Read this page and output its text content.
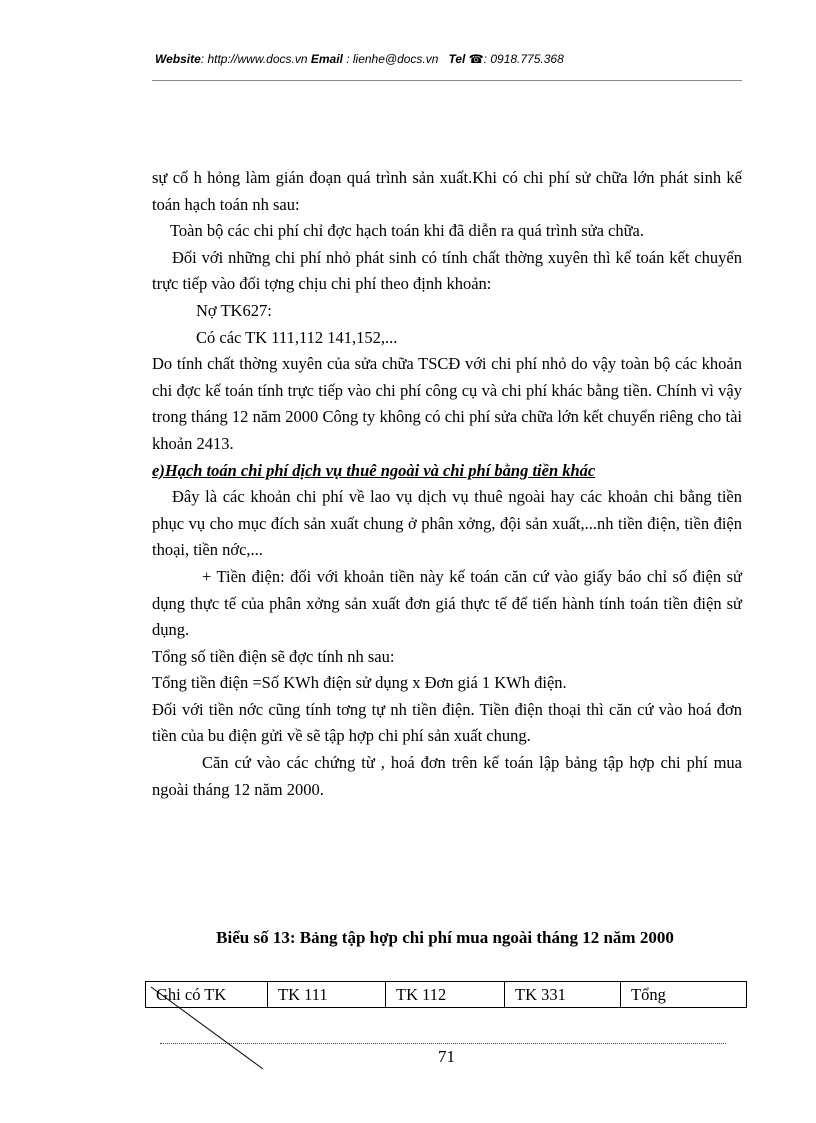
Website: http://www.docs.vn Email : lienhe@docs.vn Tel ☎: 0918.775.368

sự cố h hỏng làm gián đoạn quá trình sản xuất.Khi có chi phí sử chữa lớn phát sinh kế toán hạch toán nh sau:

Toàn bộ các chi phí chỉ đợc hạch toán khi đã diễn ra quá trình sửa chữa.

Đối với những chi phí nhỏ phát sinh có tính chất thờng xuyên thì kế toán kết chuyển trực tiếp vào đối tợng chịu chi phí theo định khoản:

Nợ TK627:

Có các TK 111,112 141,152,...

Do tính chất thờng xuyên của sửa chữa TSCĐ với chi phí nhỏ do vậy toàn bộ các khoản chi đợc kế toán tính trực tiếp vào chi phí công cụ và chi phí khác bằng tiền. Chính vì vậy trong tháng 12 năm 2000 Công ty không có chi phí sửa chữa lớn kết chuyển riêng cho tài khoản 2413.

e)Hạch toán chi phí dịch vụ thuê ngoài và chi phí bằng tiền khác

Đây là các khoản chi phí về lao vụ dịch vụ thuê ngoài hay các khoản chi bằng tiền phục vụ cho mục đích sản xuất chung ở phân xởng, đội sản xuất,...nh tiền điện, tiền điện thoại, tiền nớc,...

+ Tiền điện: đối với khoản tiền này kế toán căn cứ vào giấy báo chỉ số điện sử dụng thực tế của phân xởng sản xuất đơn giá thực tế để tiến hành tính toán tiền điện sử dụng.

Tổng số tiền điện sẽ đợc tính nh sau:

Tổng tiền điện =Số KWh điện sử dụng x Đơn giá 1 KWh điện.

Đối với tiền nớc cũng tính tơng tự nh tiền điện. Tiền điện thoại thì căn cứ vào hoá đơn tiền của bu điện gửi về sẽ tập hợp chi phí sản xuất chung.

Căn cứ vào các chứng từ , hoá đơn trên kế toán lập bảng tập hợp chi phí mua ngoài tháng 12 năm 2000.

Biểu số 13: Bảng tập hợp chi phí mua ngoài tháng 12 năm 2000
Ghi có TK	TK 111	TK 112	TK 331	Tổng
71
